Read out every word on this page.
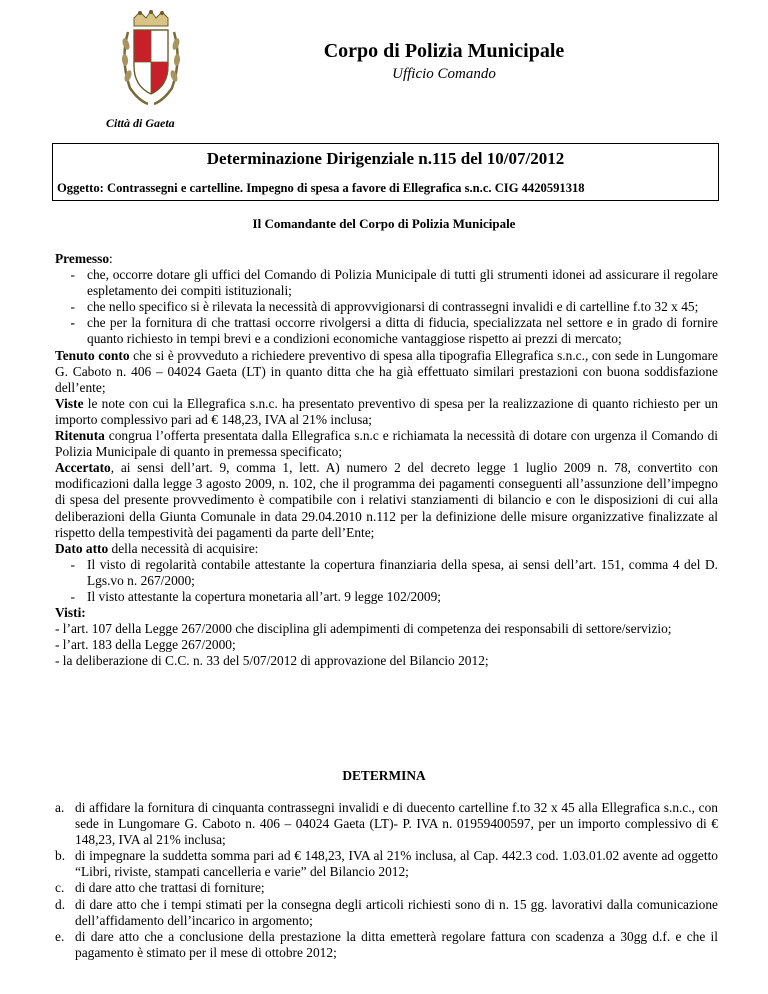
Città di Gaeta
Corpo di Polizia Municipale
Ufficio Comando
Determinazione Dirigenziale n.115 del 10/07/2012
Oggetto: Contrassegni e cartelline. Impegno di spesa a favore di Ellegrafica s.n.c. CIG 4420591318
Il Comandante del Corpo di Polizia Municipale

Premesso:

- che, occorre dotare gli uffici del Comando di Polizia Municipale di tutti gli strumenti idonei ad assicurare il regolare espletamento dei compiti istituzionali;
- che nello specifico si è rilevata la necessità di approvvigionarsi di contrassegni invalidi e di cartelline f.to 32 x 45;
- che per la fornitura di che trattasi occorre rivolgersi a ditta di fiducia, specializzata nel settore e in grado di fornire quanto richiesto in tempi brevi e a condizioni economiche vantaggiose rispetto ai prezzi di mercato;

Tenuto conto che si è provveduto a richiedere preventivo di spesa alla tipografia Ellegrafica s.n.c., con sede in Lungomare G. Caboto n. 406 – 04024 Gaeta (LT) in quanto ditta che ha già effettuato similari prestazioni con buona soddisfazione dell’ente;

Viste le note con cui la Ellegrafica s.n.c. ha presentato preventivo di spesa per la realizzazione di quanto richiesto per un importo complessivo pari ad € 148,23, IVA al 21% inclusa;

Ritenuta congrua l’offerta presentata dalla Ellegrafica s.n.c e richiamata la necessità di dotare con urgenza il Comando di Polizia Municipale di quanto in premessa specificato;

Accertato, ai sensi dell’art. 9, comma 1, lett. A) numero 2 del decreto legge 1 luglio 2009 n. 78, convertito con modificazioni dalla legge 3 agosto 2009, n. 102, che il programma dei pagamenti conseguenti all’assunzione dell’impegno di spesa del presente provvedimento è compatibile con i relativi stanziamenti di bilancio e con le disposizioni di cui alla deliberazioni della Giunta Comunale in data 29.04.2010 n.112 per la definizione delle misure organizzative finalizzate al rispetto della tempestività dei pagamenti da parte dell’Ente;

Dato atto della necessità di acquisire:

- Il visto di regolarità contabile attestante la copertura finanziaria della spesa, ai sensi dell’art. 151, comma 4 del D. Lgs.vo n. 267/2000;
- Il visto attestante la copertura monetaria all’art. 9 legge 102/2009;

Visti:

- l’art. 107 della Legge 267/2000 che disciplina gli adempimenti di competenza dei responsabili di settore/servizio;

- l’art. 183 della Legge 267/2000;

- la deliberazione di C.C. n. 33 del 5/07/2012 di approvazione del Bilancio 2012;

DETERMINA
a. di affidare la fornitura di cinquanta contrassegni invalidi e di duecento cartelline f.to 32 x 45 alla Ellegrafica s.n.c., con sede in Lungomare G. Caboto n. 406 – 04024 Gaeta (LT)- P. IVA n. 01959400597, per un importo complessivo di € 148,23, IVA al 21% inclusa;
b. di impegnare la suddetta somma pari ad € 148,23, IVA al 21% inclusa, al Cap. 442.3 cod. 1.03.01.02 avente ad oggetto “Libri, riviste, stampati cancelleria e varie” del Bilancio 2012;
c. di dare atto che trattasi di forniture;
d. di dare atto che i tempi stimati per la consegna degli articoli richiesti sono di n. 15 gg. lavorativi dalla comunicazione dell’affidamento dell’incarico in argomento;
e. di dare atto che a conclusione della prestazione la ditta emetterà regolare fattura con scadenza a 30gg d.f. e che il pagamento è stimato per il mese di ottobre 2012;
